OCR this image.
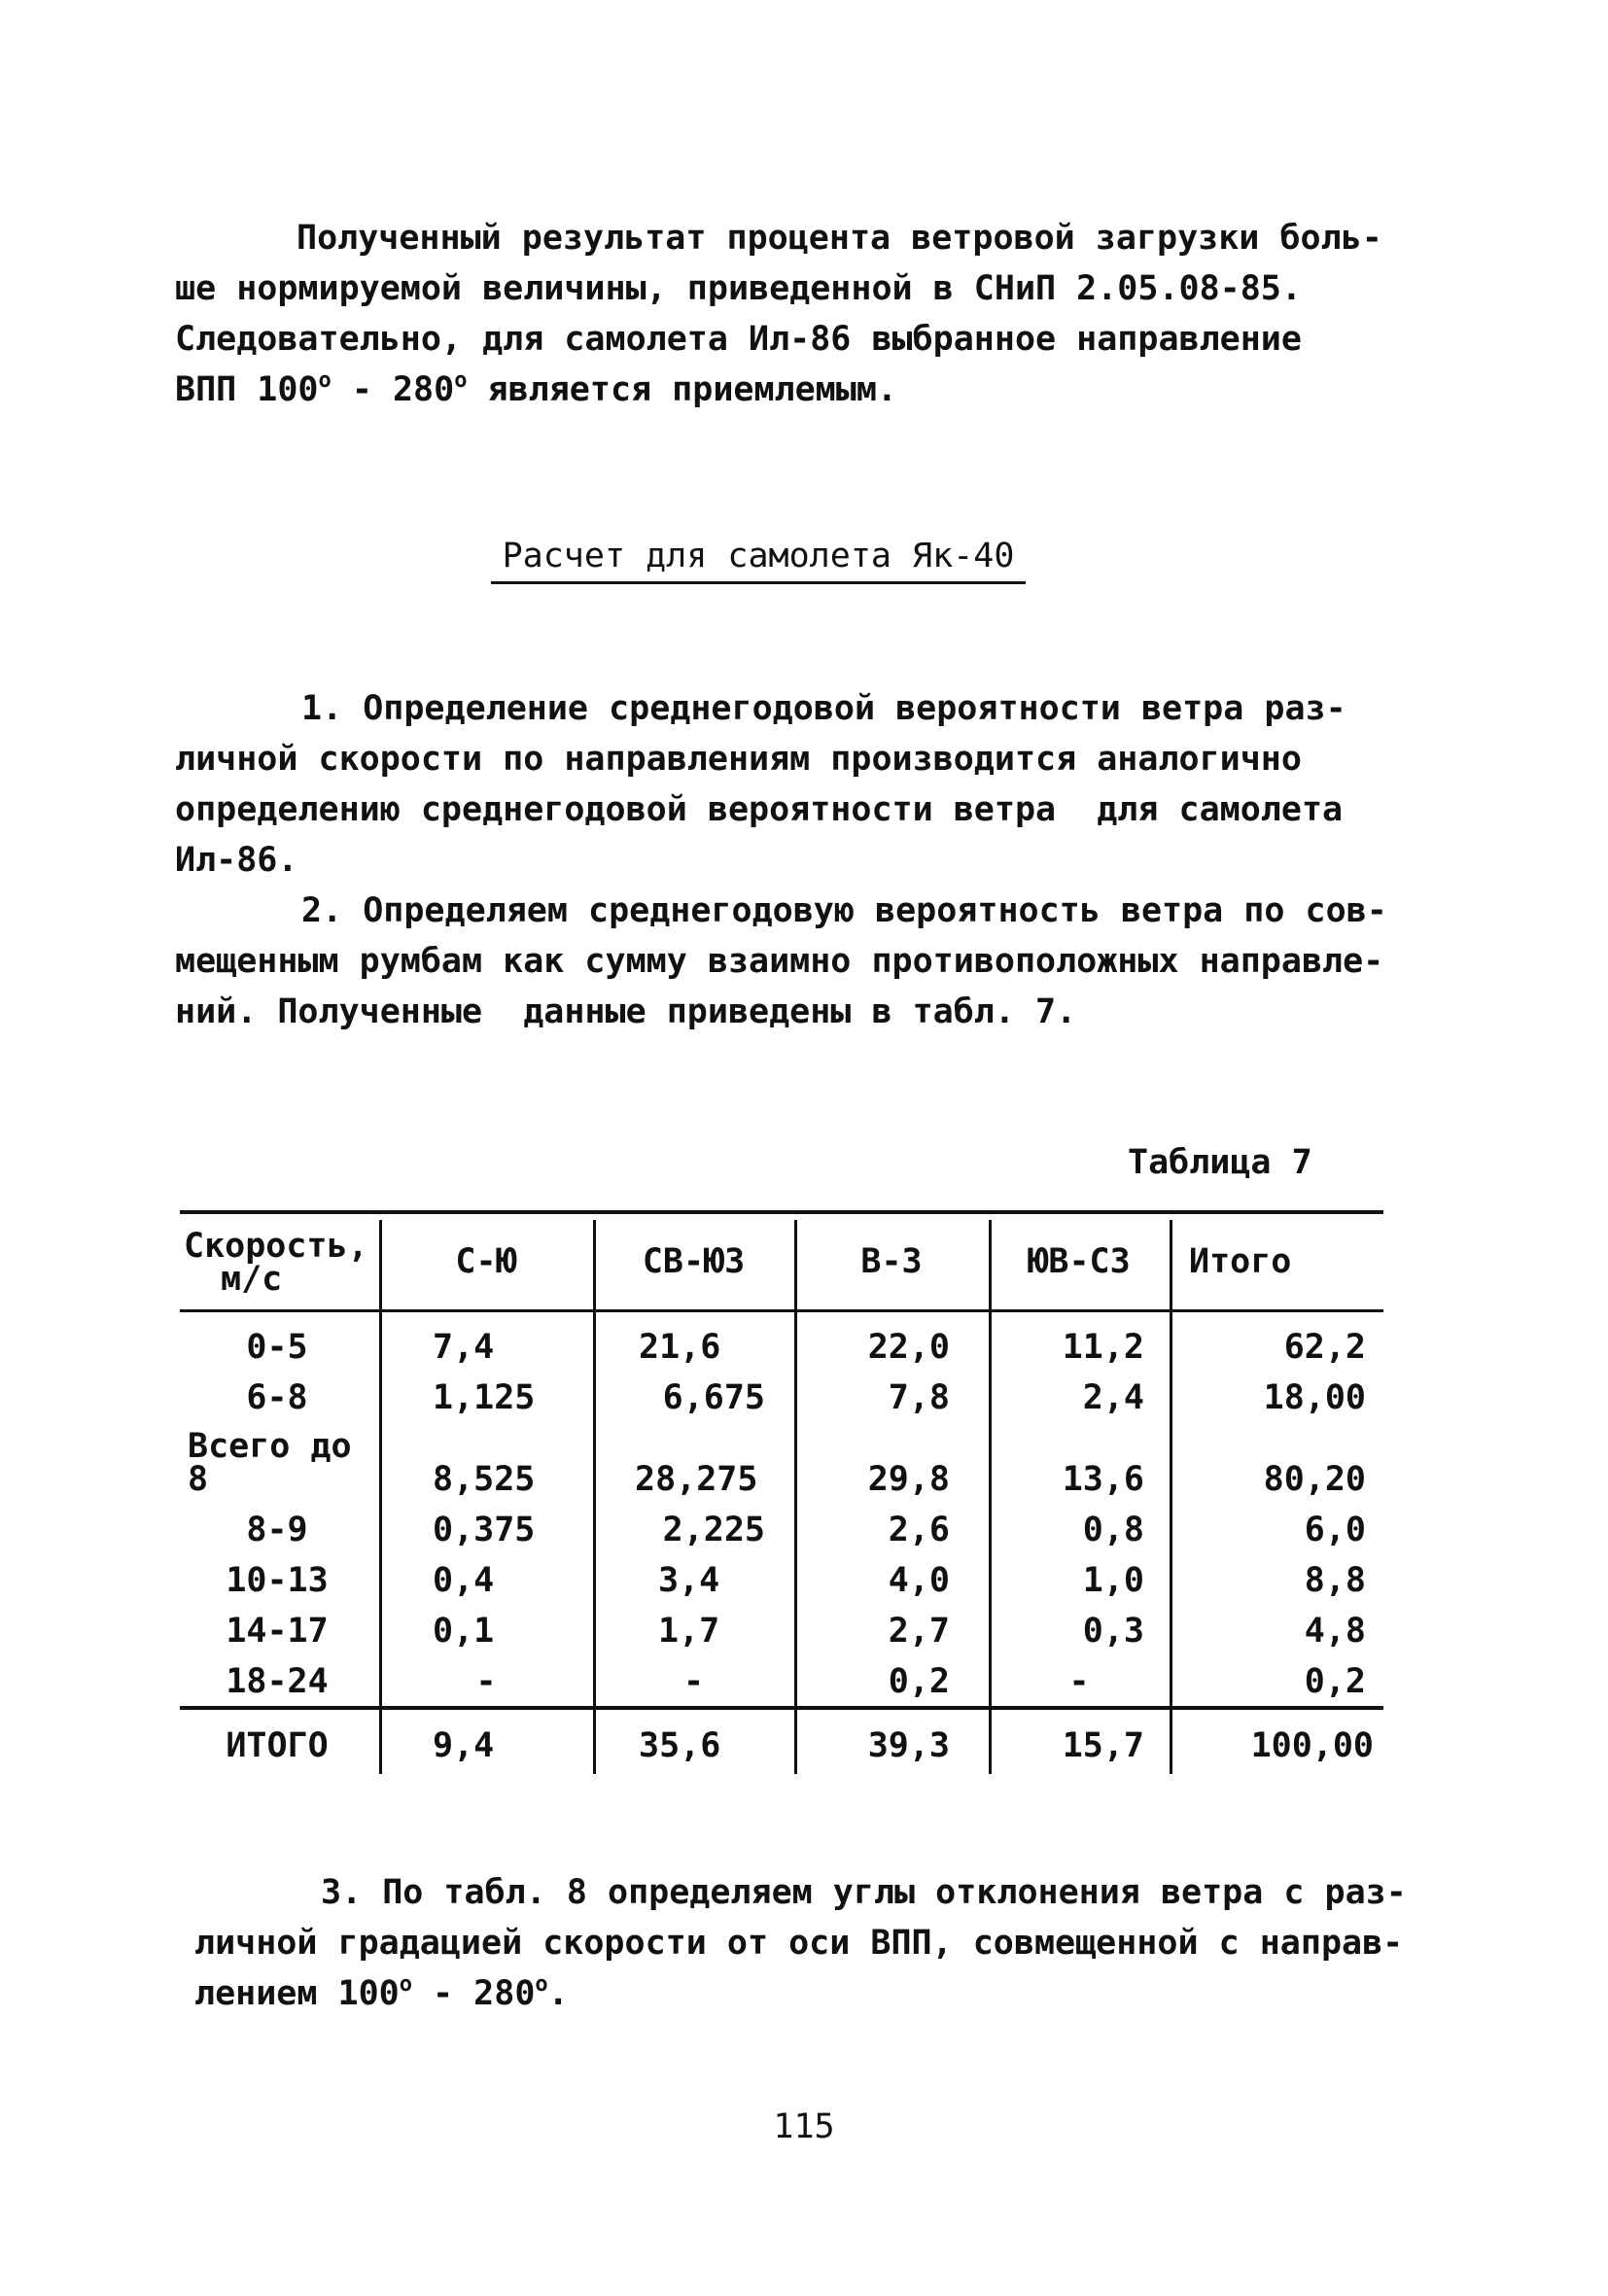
Полученный результат процента ветровой загрузки боль-
ше нормируемой величины, приведенной в СНиП 2.05.08-85.
Следовательно, для самолета Ил-86 выбранное направление
ВПП $100^о - 280^о$ является приемлемым.
Расчет для самолета Як-40
1. Определение среднегодовой вероятности ветра раз-
личной скорости по направлениям производится аналогично
определению среднегодовой вероятности ветра  для самолета
Ил-86.
2. Определяем среднегодовую вероятность ветра по сов-
мещенным румбам как сумму взаимно противоположных направле-
ний. Полученные  данные приведены в табл. 7.
Таблица 7
Скорость,
м/с	С-Ю	СВ-ЮЗ	В-З	ЮВ-СЗ	Итого
0-5	7,4	21,6	22,0	11,2	62,2
6-8	1,125	6,675	7,8	2,4	18,00
Всего до 8	8,525	28,275	29,8	13,6	80,20
8-9	0,375	2,225	2,6	0,8	6,0
10-13	0,4	3,4	4,0	1,0	8,8
14-17	0,1	1,7	2,7	0,3	4,8
18-24	-	-	0,2	-	0,2
ИТОГО	9,4	35,6	39,3	15,7	100,00
3. По табл. 8 определяем углы отклонения ветра с раз-
личной градацией скорости от оси ВПП, совмещенной с направ-
лением $100^о - 280^о$.
115
